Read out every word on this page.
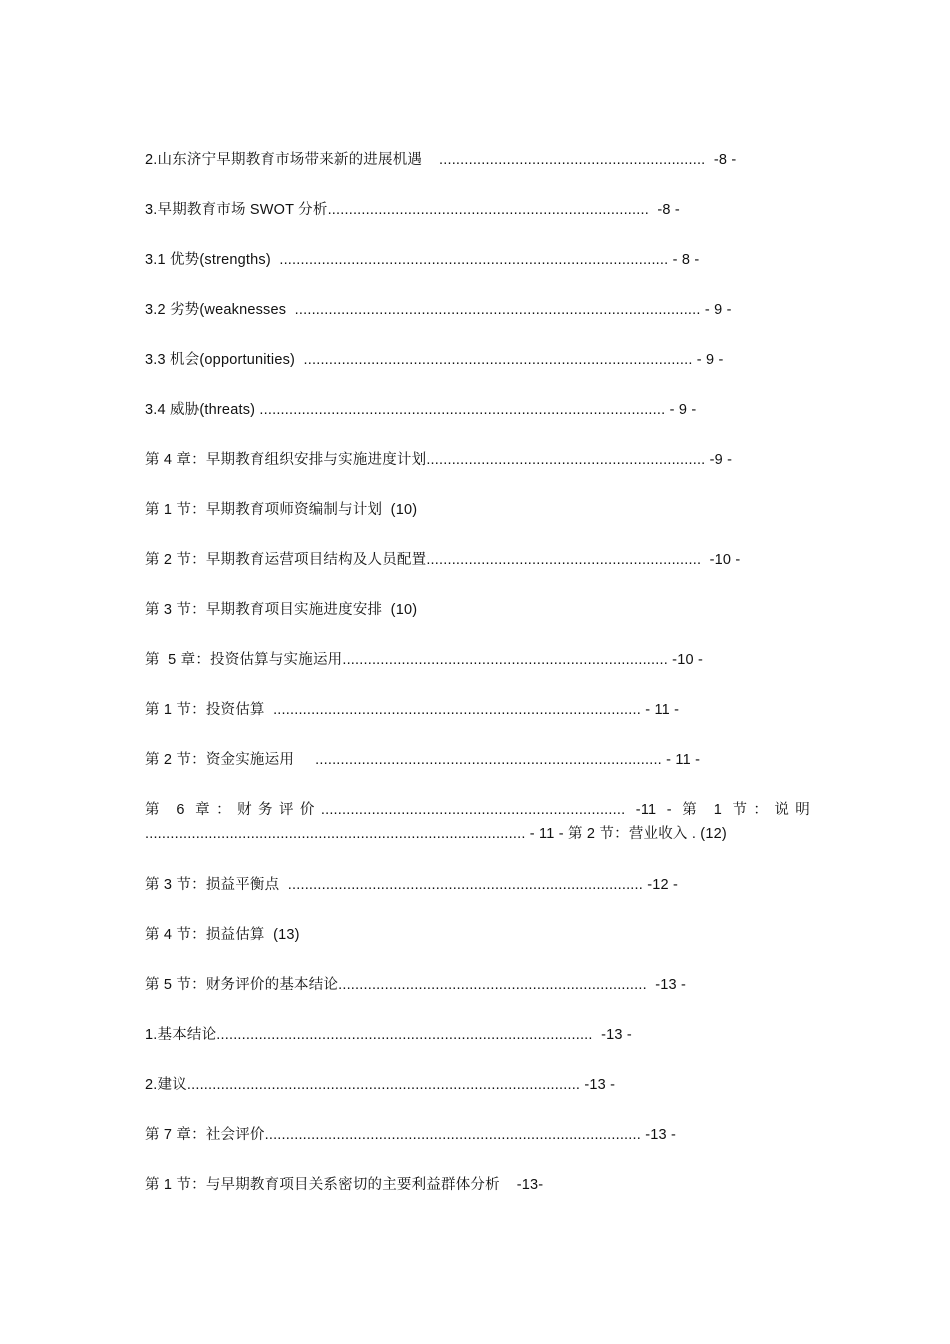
2.山东济宁早期教育市场带来新的进展机遇    ...............................................................  -8 -
3.早期教育市场 SWOT 分析............................................................................  -8 -
3.1 优势(strengths)  ............................................................................................ - 8 -
3.2 劣势(weaknesses  ................................................................................................ - 9 -
3.3 机会(opportunities)  ............................................................................................ - 9 -
3.4 威胁(threats) ................................................................................................ - 9 -
第 4 章：早期教育组织安排与实施进度计划.................................................................. -9 -
第 1 节：早期教育项师资编制与计划  (10)
第 2 节：早期教育运营项目结构及人员配置.................................................................  -10 -
第 3 节：早期教育项目实施进度安排  (10)
第  5 章：投资估算与实施运用............................................................................. -10 -
第 1 节：投资估算  ....................................................................................... - 11 -
第 2 节：资金实施运用     .................................................................................. - 11 -
第 6 章：财务评价........................................................................ -11 - 第 1 节：说明 .......................................................................................... - 11 - 第 2 节：营业收入 . (12)
第 3 节：损益平衡点  .................................................................................... -12 -
第 4 节：损益估算  (13)
第 5 节：财务评价的基本结论.........................................................................  -13 -
1.基本结论.........................................................................................  -13 -
2.建议............................................................................................. -13 -
第 7 章：社会评价......................................................................................... -13 -
第 1 节：与早期教育项目关系密切的主要利益群体分析    -13-
